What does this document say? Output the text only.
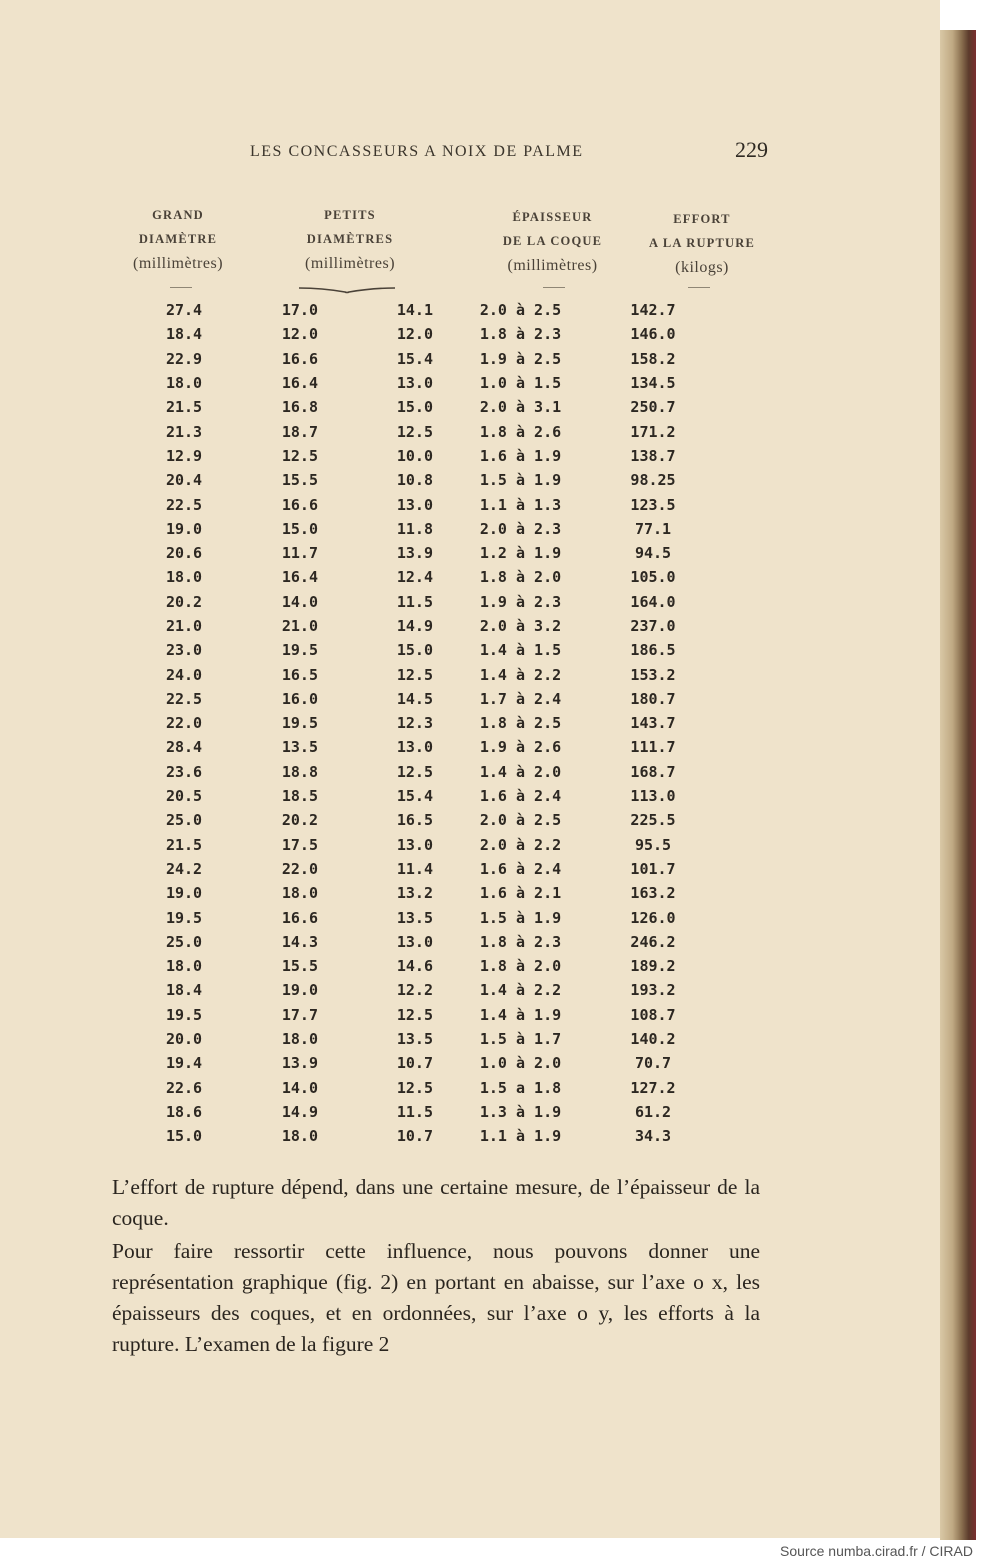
LES CONCASSEURS A NOIX DE PALME	229
GRAND
DIAMÈTRE
(millimètres)
PETITS
DIAMÈTRES
(millimètres)
ÉPAISSEUR
DE LA COQUE
(millimètres)
EFFORT
A LA RUPTURE
(kilogs)
27.4	17.0	14.1	2.0 à 2.5	142.7
18.4	12.0	12.0	1.8 à 2.3	146.0
22.9	16.6	15.4	1.9 à 2.5	158.2
18.0	16.4	13.0	1.0 à 1.5	134.5
21.5	16.8	15.0	2.0 à 3.1	250.7
21.3	18.7	12.5	1.8 à 2.6	171.2
12.9	12.5	10.0	1.6 à 1.9	138.7
20.4	15.5	10.8	1.5 à 1.9	98.25
22.5	16.6	13.0	1.1 à 1.3	123.5
19.0	15.0	11.8	2.0 à 2.3	77.1
20.6	11.7	13.9	1.2 à 1.9	94.5
18.0	16.4	12.4	1.8 à 2.0	105.0
20.2	14.0	11.5	1.9 à 2.3	164.0
21.0	21.0	14.9	2.0 à 3.2	237.0
23.0	19.5	15.0	1.4 à 1.5	186.5
24.0	16.5	12.5	1.4 à 2.2	153.2
22.5	16.0	14.5	1.7 à 2.4	180.7
22.0	19.5	12.3	1.8 à 2.5	143.7
28.4	13.5	13.0	1.9 à 2.6	111.7
23.6	18.8	12.5	1.4 à 2.0	168.7
20.5	18.5	15.4	1.6 à 2.4	113.0
25.0	20.2	16.5	2.0 à 2.5	225.5
21.5	17.5	13.0	2.0 à 2.2	95.5
24.2	22.0	11.4	1.6 à 2.4	101.7
19.0	18.0	13.2	1.6 à 2.1	163.2
19.5	16.6	13.5	1.5 à 1.9	126.0
25.0	14.3	13.0	1.8 à 2.3	246.2
18.0	15.5	14.6	1.8 à 2.0	189.2
18.4	19.0	12.2	1.4 à 2.2	193.2
19.5	17.7	12.5	1.4 à 1.9	108.7
20.0	18.0	13.5	1.5 à 1.7	140.2
19.4	13.9	10.7	1.0 à 2.0	70.7
22.6	14.0	12.5	1.5 a 1.8	127.2
18.6	14.9	11.5	1.3 à 1.9	61.2
15.0	18.0	10.7	1.1 à 1.9	34.3

L’effort de rupture dépend, dans une certaine mesure, de l’épaisseur de la coque.

Pour faire ressortir cette influence, nous pouvons donner une représentation graphique (fig. 2) en portant en abaisse, sur l’axe o x, les épaisseurs des coques, et en ordonnées, sur l’axe o y, les efforts à la rupture. L’examen de la figure 2

Source numba.cirad.fr / CIRAD
